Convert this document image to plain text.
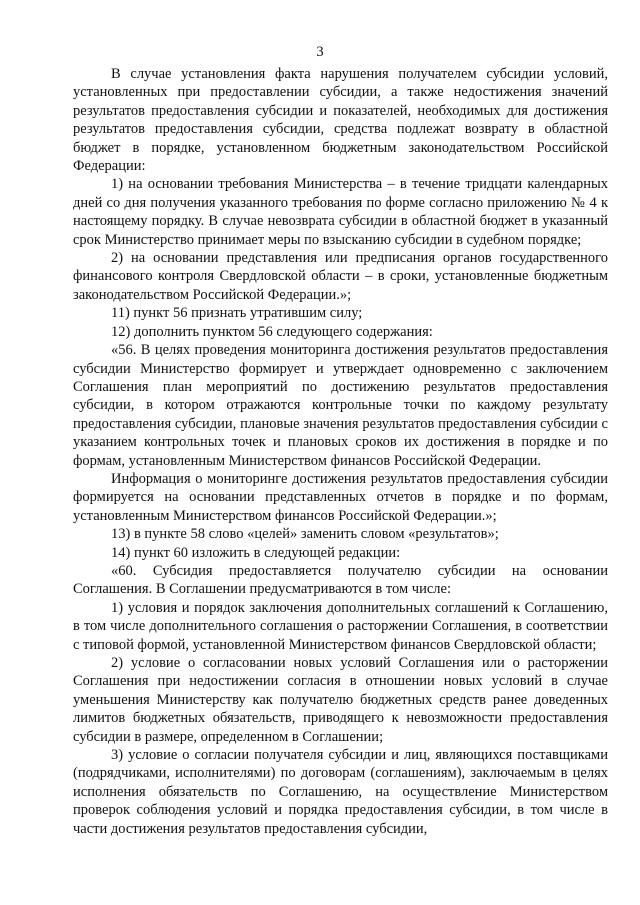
3

В случае установления факта нарушения получателем субсидии условий, установленных при предоставлении субсидии, а также недостижения значений результатов предоставления субсидии и показателей, необходимых для достижения результатов предоставления субсидии, средства подлежат возврату в областной бюджет в порядке, установленном бюджетным законодательством Российской Федерации:

1) на основании требования Министерства – в течение тридцати календарных дней со дня получения указанного требования по форме согласно приложению № 4 к настоящему порядку. В случае невозврата субсидии в областной бюджет в указанный срок Министерство принимает меры по взысканию субсидии в судебном порядке;

2) на основании представления или предписания органов государственного финансового контроля Свердловской области – в сроки, установленные бюджетным законодательством Российской Федерации.»;

11) пункт 56 признать утратившим силу;

12) дополнить пунктом 56 следующего содержания:

«56. В целях проведения мониторинга достижения результатов предоставления субсидии Министерство формирует и утверждает одновременно с заключением Соглашения план мероприятий по достижению результатов предоставления субсидии, в котором отражаются контрольные точки по каждому результату предоставления субсидии, плановые значения результатов предоставления субсидии с указанием контрольных точек и плановых сроков их достижения в порядке и по формам, установленным Министерством финансов Российской Федерации.

Информация о мониторинге достижения результатов предоставления субсидии формируется на основании представленных отчетов в порядке и по формам, установленным Министерством финансов Российской Федерации.»;

13) в пункте 58 слово «целей» заменить словом «результатов»;

14) пункт 60 изложить в следующей редакции:

«60. Субсидия предоставляется получателю субсидии на основании Соглашения. В Соглашении предусматриваются в том числе:

1) условия и порядок заключения дополнительных соглашений к Соглашению, в том числе дополнительного соглашения о расторжении Соглашения, в соответствии с типовой формой, установленной Министерством финансов Свердловской области;

2) условие о согласовании новых условий Соглашения или о расторжении Соглашения при недостижении согласия в отношении новых условий в случае уменьшения Министерству как получателю бюджетных средств ранее доведенных лимитов бюджетных обязательств, приводящего к невозможности предоставления субсидии в размере, определенном в Соглашении;

3) условие о согласии получателя субсидии и лиц, являющихся поставщиками (подрядчиками, исполнителями) по договорам (соглашениям), заключаемым в целях исполнения обязательств по Соглашению, на осуществление Министерством проверок соблюдения условий и порядка предоставления субсидии, в том числе в части достижения результатов предоставления субсидии,
